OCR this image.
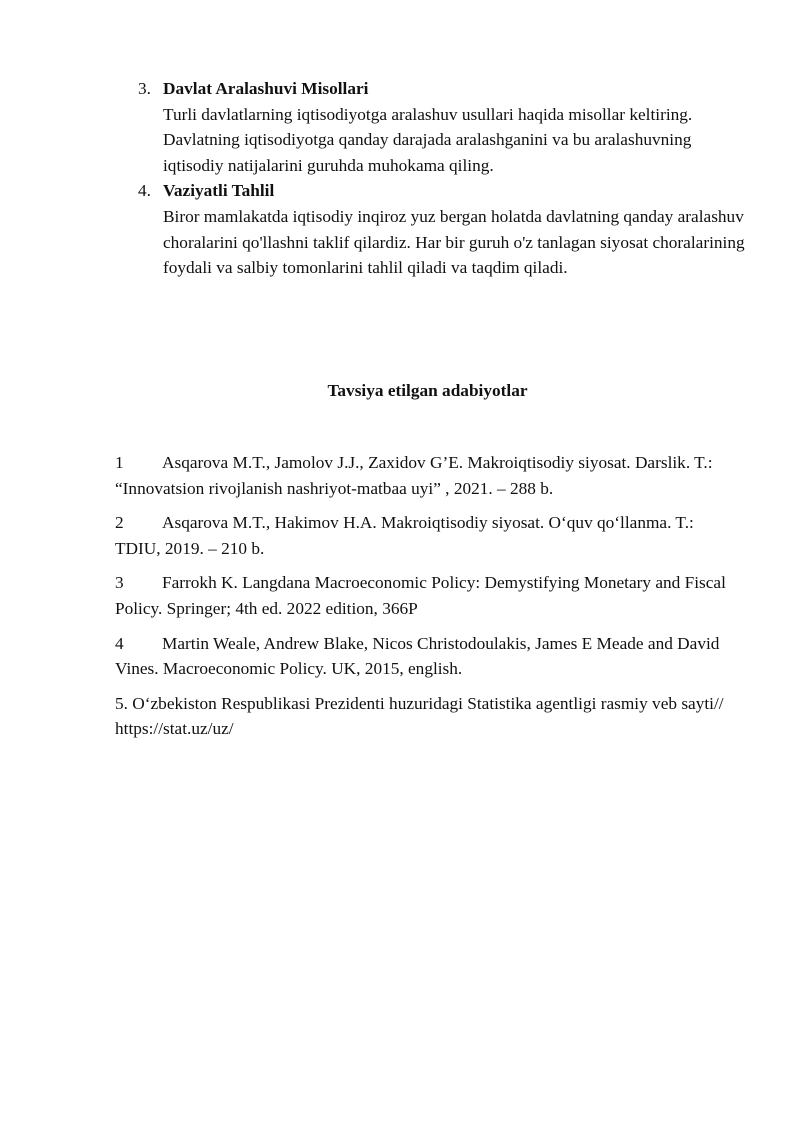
3. Davlat Aralashuvi Misollari
Turli davlatlarning iqtisodiyotga aralashuv usullari haqida misollar keltiring. Davlatning iqtisodiyotga qanday darajada aralashganini va bu aralashuvning iqtisodiy natijalarini guruhda muhokama qiling.
4. Vaziyatli Tahlil
Biror mamlakatda iqtisodiy inqiroz yuz bergan holatda davlatning qanday aralashuv choralarini qo'llashni taklif qilardiz. Har bir guruh o'z tanlagan siyosat choralarining foydali va salbiy tomonlarini tahlil qiladi va taqdim qiladi.
Tavsiya etilgan adabiyotlar

1 Asqarova M.T., Jamolov J.J., Zaxidov G’E. Makroiqtisodiy siyosat. Darslik. T.: “Innovatsion rivojlanish nashriyot-matbaa uyi” , 2021. – 288 b.

2 Asqarova M.T., Hakimov H.A. Makroiqtisodiy siyosat. O‘quv qo‘llanma. T.: TDIU, 2019. – 210 b.

3 Farrokh K. Langdana Macroeconomic Policy: Demystifying Monetary and Fiscal Policy. Springer; 4th ed. 2022 edition, 366P

4 Martin Weale, Andrew Blake, Nicos Christodoulakis, James E Meade and David Vines. Macroeconomic Policy. UK, 2015, english.

5. O‘zbekiston Respublikasi Prezidenti huzuridagi Statistika agentligi rasmiy veb sayti// https://stat.uz/uz/
